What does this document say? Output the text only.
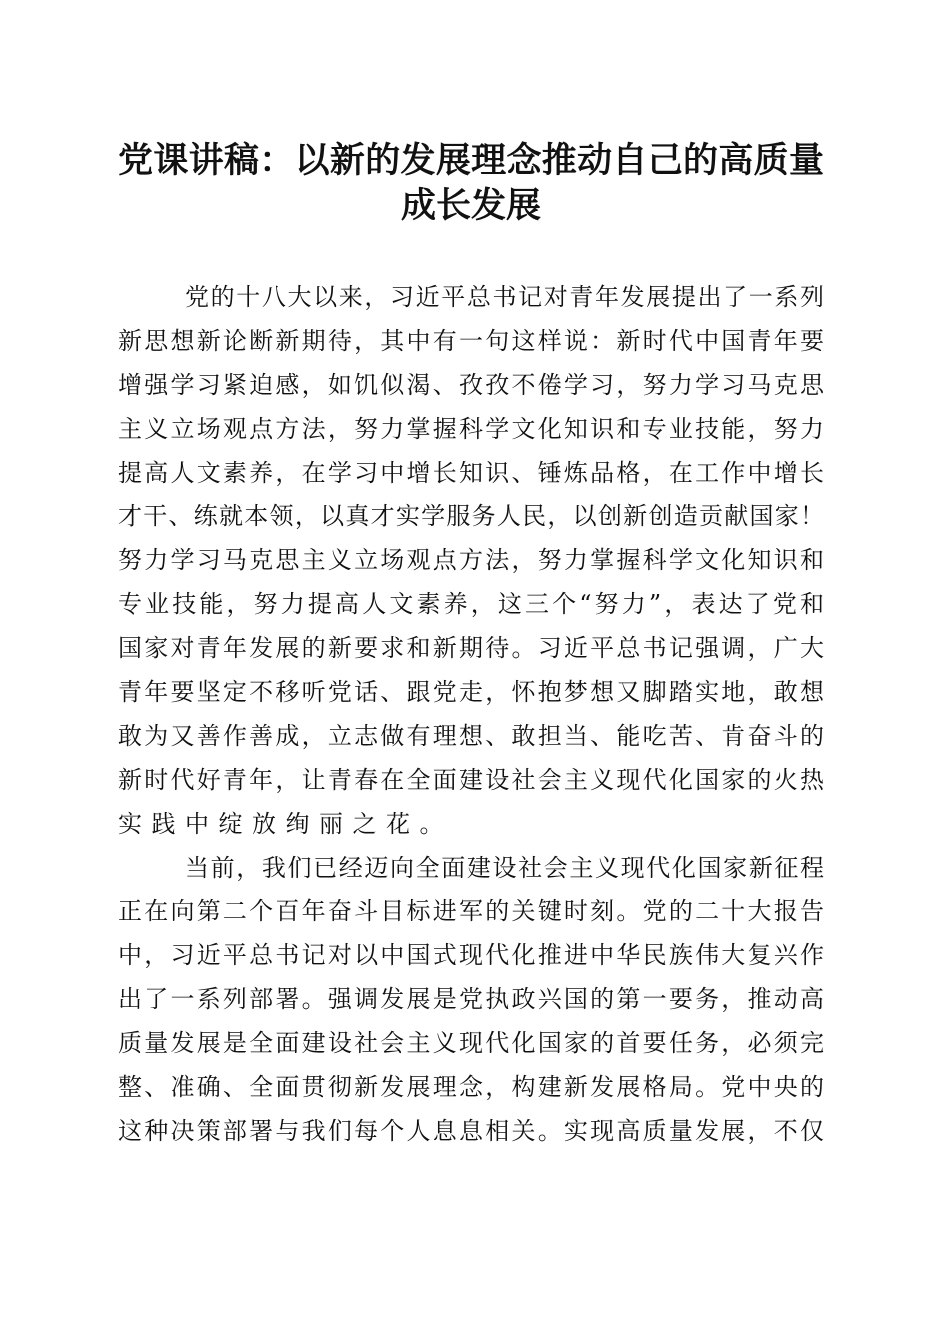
党课讲稿：以新的发展理念推动自己的高质量
成长发展
党的十八大以来，习近平总书记对青年发展提出了一系列
新思想新论断新期待，其中有一句这样说：新时代中国青年要
增强学习紧迫感，如饥似渴、孜孜不倦学习，努力学习马克思
主义立场观点方法，努力掌握科学文化知识和专业技能，努力
提高人文素养，在学习中增长知识、锤炼品格，在工作中增长
才干、练就本领，以真才实学服务人民，以创新创造贡献国家！
努力学习马克思主义立场观点方法，努力掌握科学文化知识和
专业技能，努力提高人文素养，这三个“努力”，表达了党和
国家对青年发展的新要求和新期待。习近平总书记强调，广大
青年要坚定不移听党话、跟党走，怀抱梦想又脚踏实地，敢想
敢为又善作善成，立志做有理想、敢担当、能吃苦、肯奋斗的
新时代好青年，让青春在全面建设社会主义现代化国家的火热
实践中绽放绚丽之花。
当前，我们已经迈向全面建设社会主义现代化国家新征程
正在向第二个百年奋斗目标进军的关键时刻。党的二十大报告
中，习近平总书记对以中国式现代化推进中华民族伟大复兴作
出了一系列部署。强调发展是党执政兴国的第一要务，推动高
质量发展是全面建设社会主义现代化国家的首要任务，必须完
整、准确、全面贯彻新发展理念，构建新发展格局。党中央的
这种决策部署与我们每个人息息相关。实现高质量发展，不仅
